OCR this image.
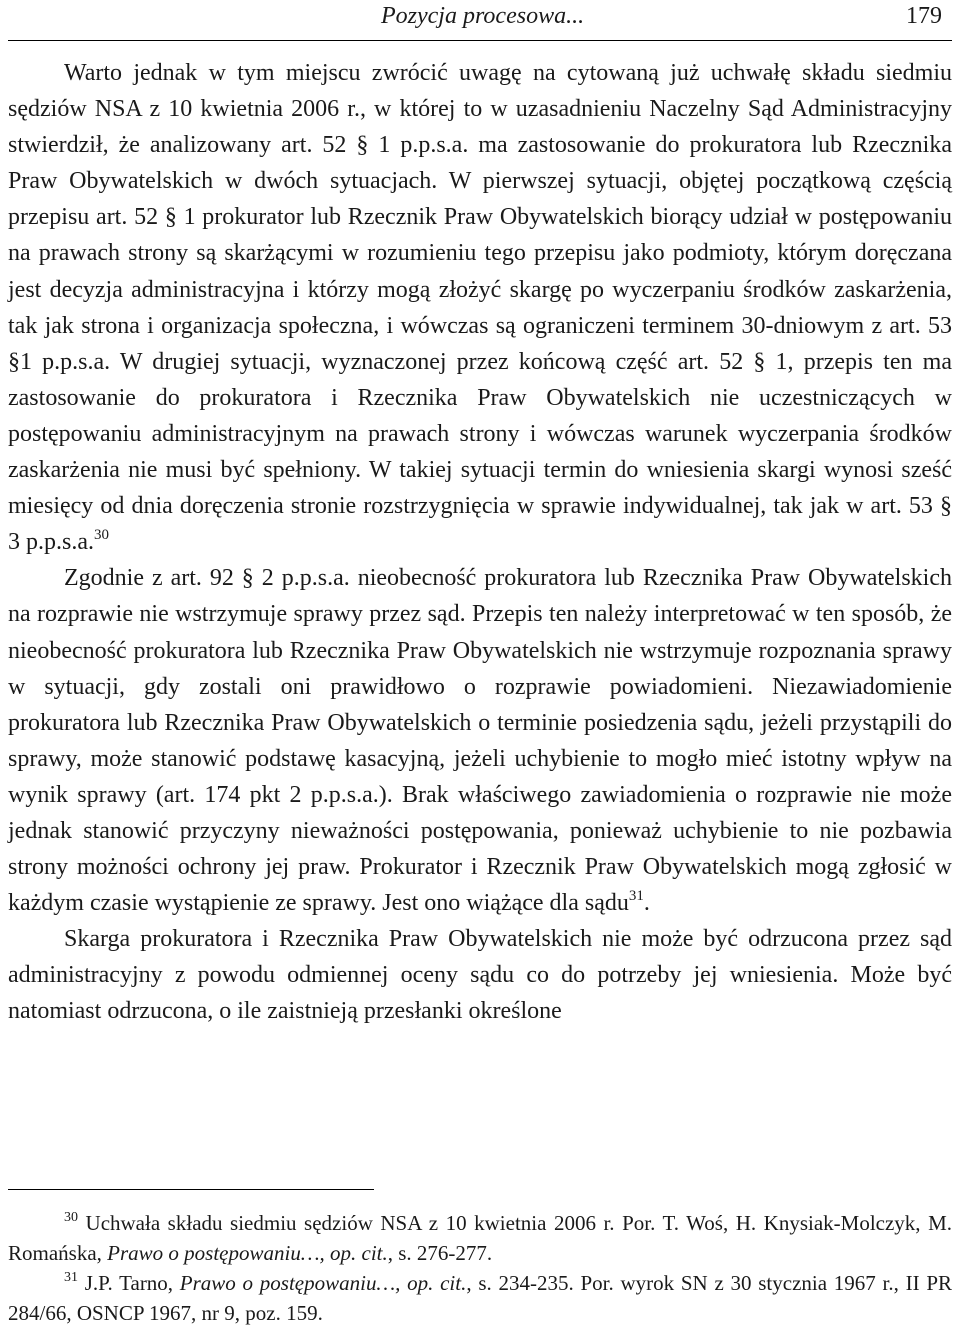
Pozycja procesowa...	179

Warto jednak w tym miejscu zwrócić uwagę na cytowaną już uchwałę składu siedmiu sędziów NSA z 10 kwietnia 2006 r., w której to w uzasadnieniu Naczelny Sąd Administracyjny stwierdził, że analizowany art. 52 § 1 p.p.s.a. ma zastosowanie do prokuratora lub Rzecznika Praw Obywatelskich w dwóch sytuacjach. W pierwszej sytuacji, objętej początkową częścią przepisu art. 52 § 1 prokurator lub Rzecznik Praw Obywatelskich biorący udział w postępowaniu na prawach strony są skarżącymi w rozumieniu tego przepisu jako podmioty, którym doręczana jest decyzja administracyjna i którzy mogą złożyć skargę po wyczerpaniu środków zaskarżenia, tak jak strona i organizacja społeczna, i wówczas są ograniczeni terminem 30-dniowym z art. 53 §1 p.p.s.a. W drugiej sytuacji, wyznaczonej przez końcową część art. 52 § 1, przepis ten ma zastosowanie do prokuratora i Rzecznika Praw Obywatelskich nie uczestniczących w postępowaniu administracyjnym na prawach strony i wówczas warunek wyczerpania środków zaskarżenia nie musi być spełniony. W takiej sytuacji termin do wniesienia skargi wynosi sześć miesięcy od dnia doręczenia stronie rozstrzygnięcia w sprawie indywidualnej, tak jak w art. 53 § 3 p.p.s.a.$^{30}$

Zgodnie z art. 92 § 2 p.p.s.a. nieobecność prokuratora lub Rzecznika Praw Obywatelskich na rozprawie nie wstrzymuje sprawy przez sąd. Przepis ten należy interpretować w ten sposób, że nieobecność prokuratora lub Rzecznika Praw Obywatelskich nie wstrzymuje rozpoznania sprawy w sytuacji, gdy zostali oni prawidłowo o rozprawie powiadomieni. Niezawiadomienie prokuratora lub Rzecznika Praw Obywatelskich o terminie posiedzenia sądu, jeżeli przystąpili do sprawy, może stanowić podstawę kasacyjną, jeżeli uchybienie to mogło mieć istotny wpływ na wynik sprawy (art. 174 pkt 2 p.p.s.a.). Brak właściwego zawiadomienia o rozprawie nie może jednak stanowić przyczyny nieważności postępowania, ponieważ uchybienie to nie pozbawia strony możności ochrony jej praw. Prokurator i Rzecznik Praw Obywatelskich mogą zgłosić w każdym czasie wystąpienie ze sprawy. Jest ono wiążące dla sądu$^{31}$.

Skarga prokuratora i Rzecznika Praw Obywatelskich nie może być odrzucona przez sąd administracyjny z powodu odmiennej oceny sądu co do potrzeby jej wniesienia. Może być natomiast odrzucona, o ile zaistnieją przesłanki określone

$^{30}$ Uchwała składu siedmiu sędziów NSA z 10 kwietnia 2006 r. Por. T. Woś, H. Knysiak-Molczyk, M. Romańska, Prawo o postępowaniu…, op. cit., s. 276-277.

$^{31}$ J.P. Tarno, Prawo o postępowaniu…, op. cit., s. 234-235. Por. wyrok SN z 30 stycznia 1967 r., II PR 284/66, OSNCP 1967, nr 9, poz. 159.
